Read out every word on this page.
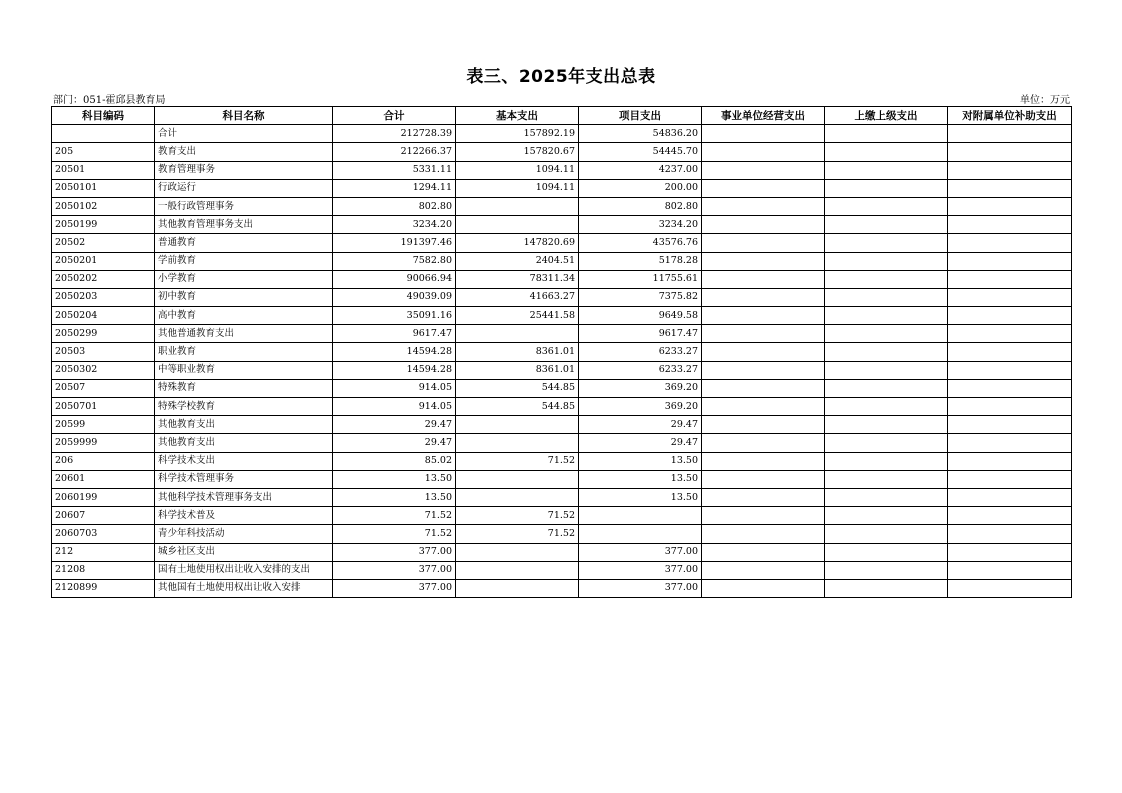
表三、2025年支出总表
部门：051-霍邱县教育局	单位：万元
科目编码	科目名称	合计	基本支出	项目支出	事业单位经营支出	上缴上级支出	对附属单位补助支出
	合计	212728.39	157892.19	54836.20			
205	教育支出	212266.37	157820.67	54445.70			
20501	教育管理事务	5331.11	1094.11	4237.00			
2050101	行政运行	1294.11	1094.11	200.00			
2050102	一般行政管理事务	802.80		802.80			
2050199	其他教育管理事务支出	3234.20		3234.20			
20502	普通教育	191397.46	147820.69	43576.76			
2050201	学前教育	7582.80	2404.51	5178.28			
2050202	小学教育	90066.94	78311.34	11755.61			
2050203	初中教育	49039.09	41663.27	7375.82			
2050204	高中教育	35091.16	25441.58	9649.58			
2050299	其他普通教育支出	9617.47		9617.47			
20503	职业教育	14594.28	8361.01	6233.27			
2050302	中等职业教育	14594.28	8361.01	6233.27			
20507	特殊教育	914.05	544.85	369.20			
2050701	特殊学校教育	914.05	544.85	369.20			
20599	其他教育支出	29.47		29.47			
2059999	其他教育支出	29.47		29.47			
206	科学技术支出	85.02	71.52	13.50			
20601	科学技术管理事务	13.50		13.50			
2060199	其他科学技术管理事务支出	13.50		13.50			
20607	科学技术普及	71.52	71.52				
2060703	青少年科技活动	71.52	71.52				
212	城乡社区支出	377.00		377.00			
21208	国有土地使用权出让收入安排的支出	377.00		377.00			
2120899	其他国有土地使用权出让收入安排	377.00		377.00			
